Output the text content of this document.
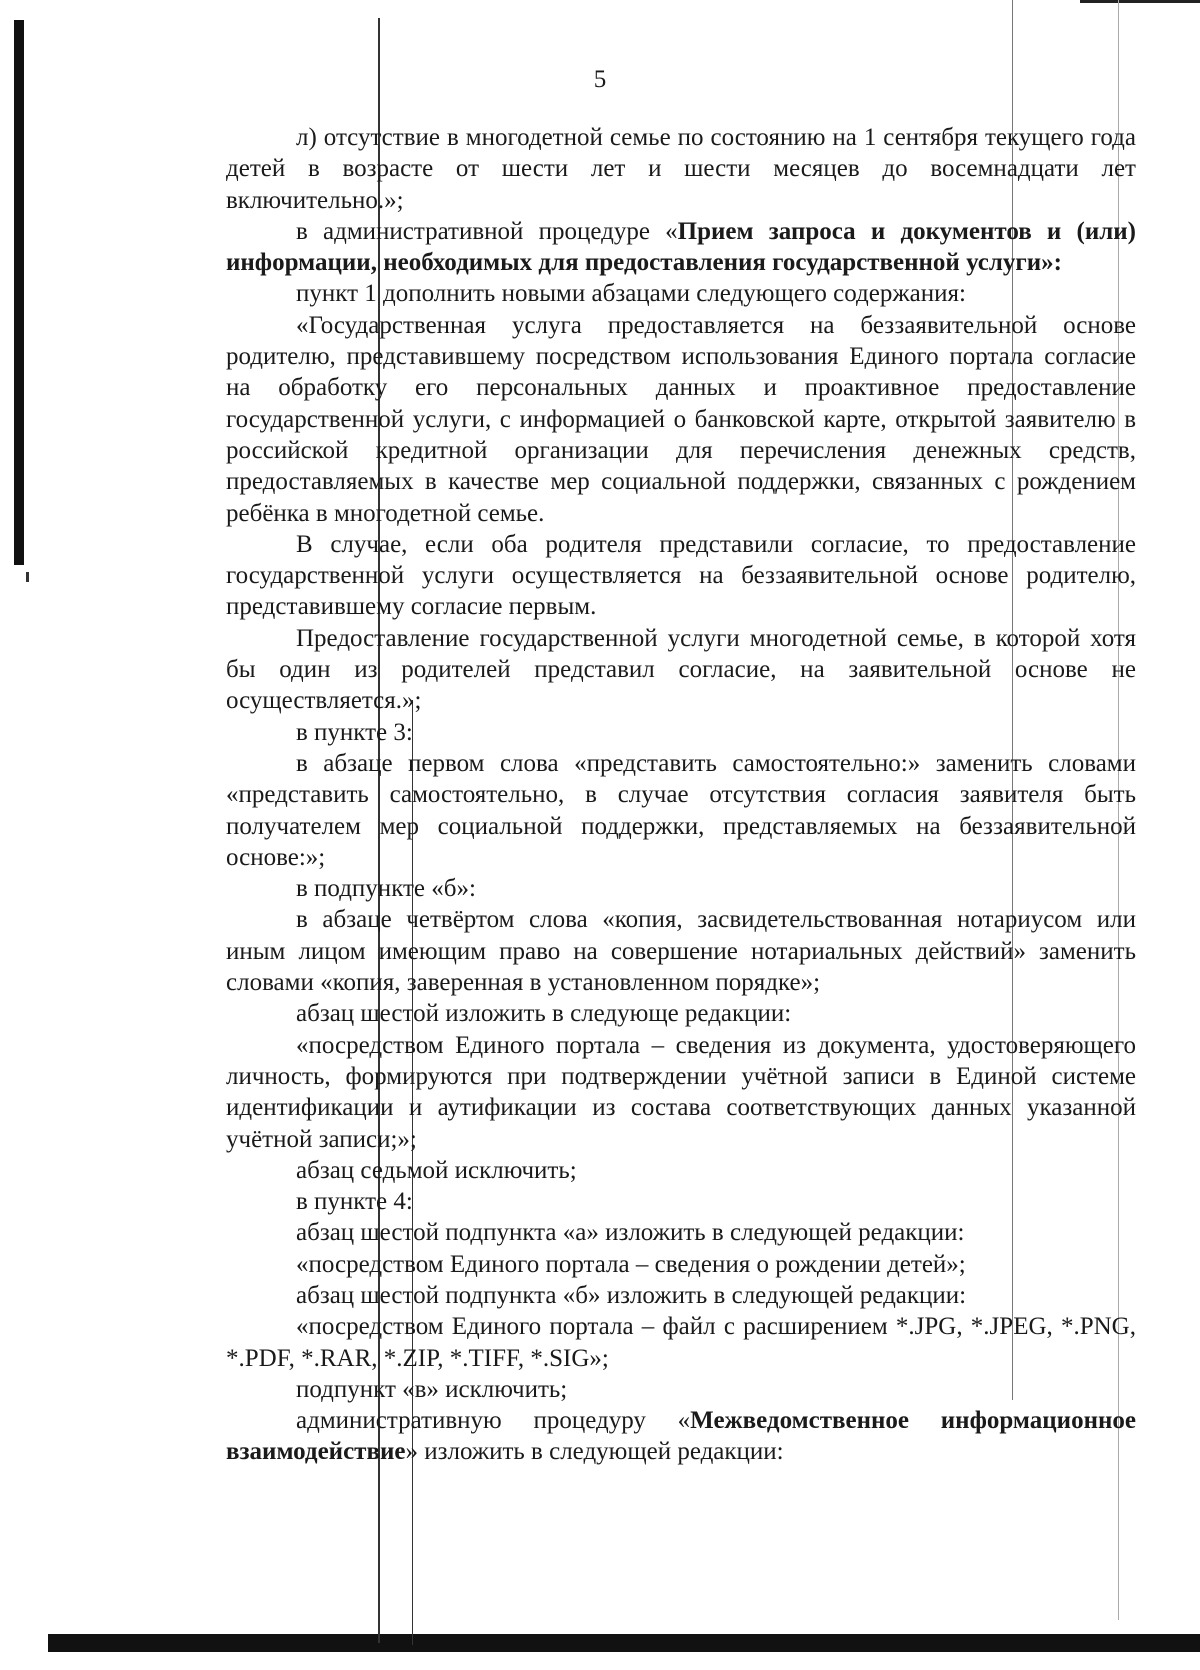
5

л) отсутствие в многодетной семье по состоянию на 1 сентября текущего года детей в возрасте от шести лет и шести месяцев до восемнадцати лет включительно.»;

в административной процедуре «Прием запроса и документов и (или) информации, необходимых для предоставления государственной услуги»:

пункт 1 дополнить новыми абзацами следующего содержания:

«Государственная услуга предоставляется на беззаявительной основе родителю, представившему посредством использования Единого портала согласие на обработку его персональных данных и проактивное предоставление государственной услуги, с информацией о банковской карте, открытой заявителю в российской кредитной организации для перечисления денежных средств, предоставляемых в качестве мер социальной поддержки, связанных с рождением ребёнка в многодетной семье.

В случае, если оба родителя представили согласие, то предоставление государственной услуги осуществляется на беззаявительной основе родителю, представившему согласие первым.

Предоставление государственной услуги многодетной семье, в которой хотя бы один из родителей представил согласие, на заявительной основе не осуществляется.»;

в пункте 3:

в абзаце первом слова «представить самостоятельно:» заменить словами «представить самостоятельно, в случае отсутствия согласия заявителя быть получателем мер социальной поддержки, представляемых на беззаявительной основе:»;

в подпункте «б»:

в абзаце четвёртом слова «копия, засвидетельствованная нотариусом или иным лицом имеющим право на совершение нотариальных действий» заменить словами «копия, заверенная в установленном порядке»;

абзац шестой изложить в следующе редакции:

«посредством Единого портала – сведения из документа, удостоверяющего личность, формируются при подтверждении учётной записи в Единой системе идентификации и аутификации из состава соответствующих данных указанной учётной записи;»;

абзац седьмой исключить;

в пункте 4:

абзац шестой подпункта «а» изложить в следующей редакции:

«посредством Единого портала – сведения о рождении детей»;

абзац шестой подпункта «б» изложить в следующей редакции:

«посредством Единого портала – файл с расширением *.JPG, *.JPEG, *.PNG, *.PDF, *.RAR, *.ZIP, *.TIFF, *.SIG»;

подпункт «в» исключить;

административную процедуру «Межведомственное информационное взаимодействие» изложить в следующей редакции:
